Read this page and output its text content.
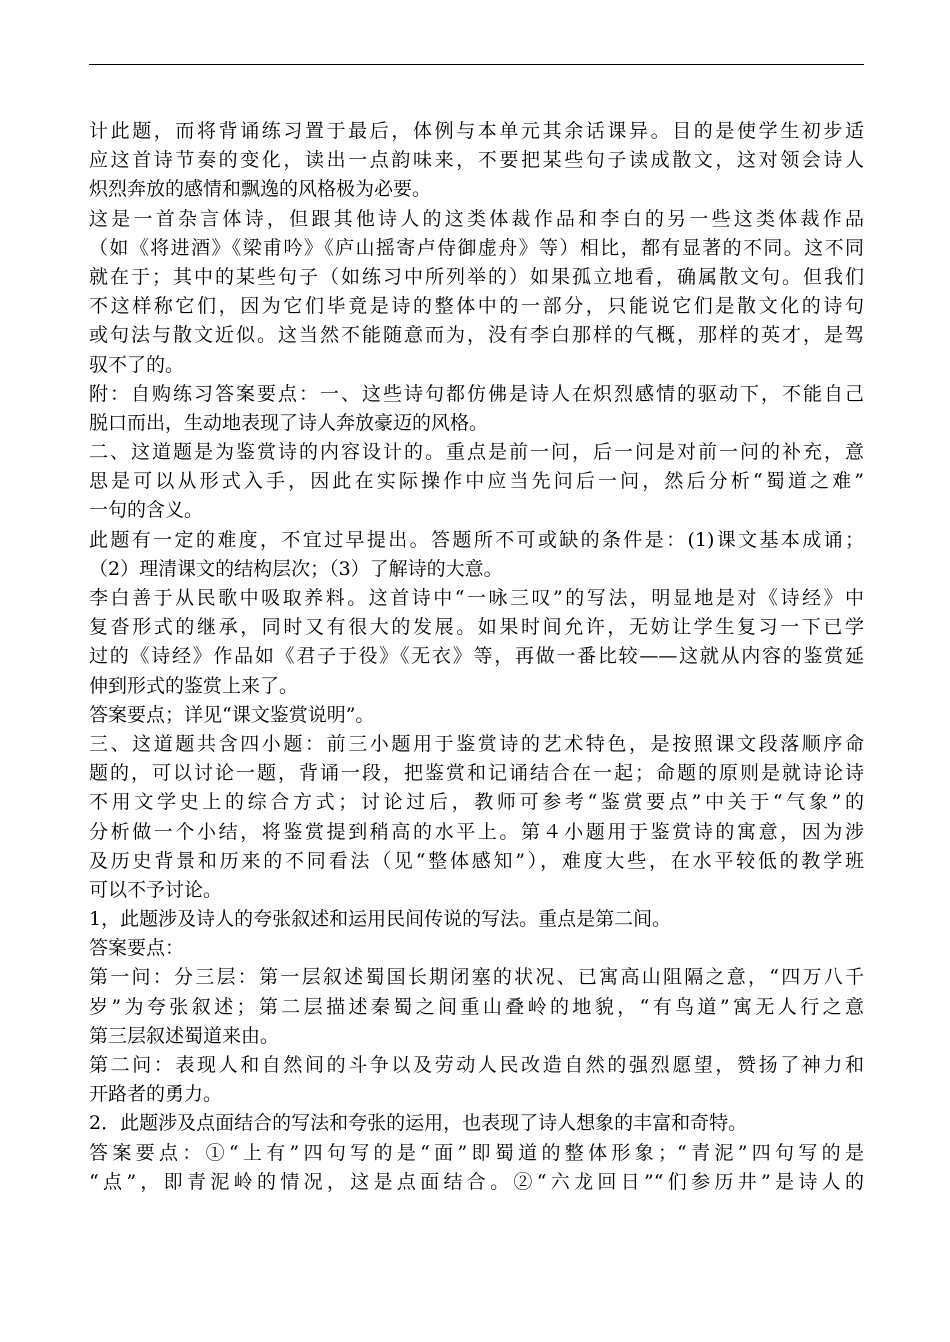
计此题，而将背诵练习置于最后，体例与本单元其余话课异。目的是使学生初步适
应这首诗节奏的变化，读出一点韵味来，不要把某些句子读成散文，这对领会诗人
炽烈奔放的感情和飘逸的风格极为必要。
这是一首杂言体诗，但跟其他诗人的这类体裁作品和李白的另一些这类体裁作品
（如《将进酒》《梁甫吟》《庐山摇寄卢侍御虚舟》等）相比，都有显著的不同。这不同
就在于；其中的某些句子（如练习中所列举的）如果孤立地看，确属散文句。但我们
不这样称它们，因为它们毕竟是诗的整体中的一部分，只能说它们是散文化的诗句
或句法与散文近似。这当然不能随意而为，没有李白那样的气概，那样的英才，是驾
驭不了的。
附：自购练习答案要点：一、这些诗句都仿佛是诗人在炽烈感情的驱动下，不能自己
脱口而出，生动地表现了诗人奔放豪迈的风格。
二、这道题是为鉴赏诗的内容设计的。重点是前一问，后一问是对前一问的补充，意
思是可以从形式入手，因此在实际操作中应当先问后一问，然后分析“蜀道之难”
一句的含义。
此题有一定的难度，不宜过早提出。答题所不可或缺的条件是：(1)课文基本成诵；
（2）理清课文的结构层次；（3）了解诗的大意。
李白善于从民歌中吸取养料。这首诗中“一咏三叹”的写法，明显地是对《诗经》中
复沓形式的继承，同时又有很大的发展。如果时间允许，无妨让学生复习一下已学
过的《诗经》作品如《君子于役》《无衣》等，再做一番比较——这就从内容的鉴赏延
伸到形式的鉴赏上来了。
答案要点；详见“课文鉴赏说明”。
三、这道题共含四小题：前三小题用于鉴赏诗的艺术特色，是按照课文段落顺序命
题的，可以讨论一题，背诵一段，把鉴赏和记诵结合在一起；命题的原则是就诗论诗
不用文学史上的综合方式；讨论过后，教师可参考“鉴赏要点”中关于“气象”的
分析做一个小结，将鉴赏提到稍高的水平上。第４小题用于鉴赏诗的寓意，因为涉
及历史背景和历来的不同看法（见“整体感知”），难度大些，在水平较低的教学班
可以不予讨论。
1，此题涉及诗人的夸张叙述和运用民间传说的写法。重点是第二间。
答案要点：
第一问：分三层：第一层叙述蜀国长期闭塞的状况、已寓高山阻隔之意，“四万八千
岁”为夸张叙述；第二层描述秦蜀之间重山叠岭的地貌，“有鸟道”寓无人行之意
第三层叙述蜀道来由。
第二问：表现人和自然间的斗争以及劳动人民改造自然的强烈愿望，赞扬了神力和
开路者的勇力。
2．此题涉及点面结合的写法和夸张的运用，也表现了诗人想象的丰富和奇特。
答案要点：①“上有”四句写的是“面”即蜀道的整体形象；“青泥”四句写的是
“点”，即青泥岭的情况，这是点面结合。②“六龙回日”“们参历井”是诗人的
